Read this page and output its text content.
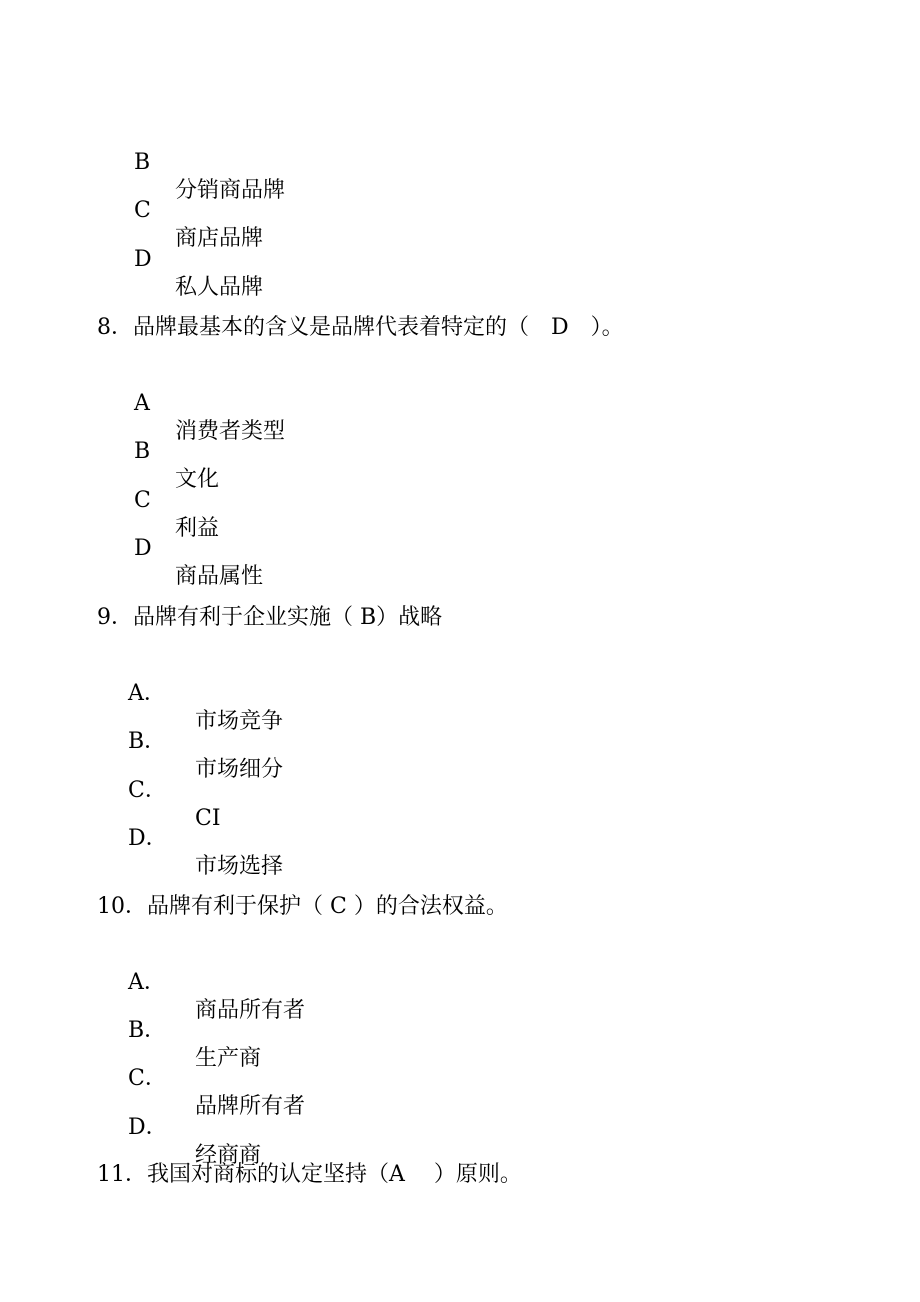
B

分销商品牌

C

商店品牌

D

私人品牌

8．品牌最基本的含义是品牌代表着特定的（　D　）。

A

消费者类型

B

文化

C

利益

D

商品属性

9．品牌有利于企业实施（ B）战略

A．

市场竞争

B．

市场细分

C．

CI

D．

市场选择

10．品牌有利于保护（ C ）的合法权益。

A．

商品所有者

B．

生产商

C．

品牌所有者

D．

经商商

11．我国对商标的认定坚持（A　 ）原则。
